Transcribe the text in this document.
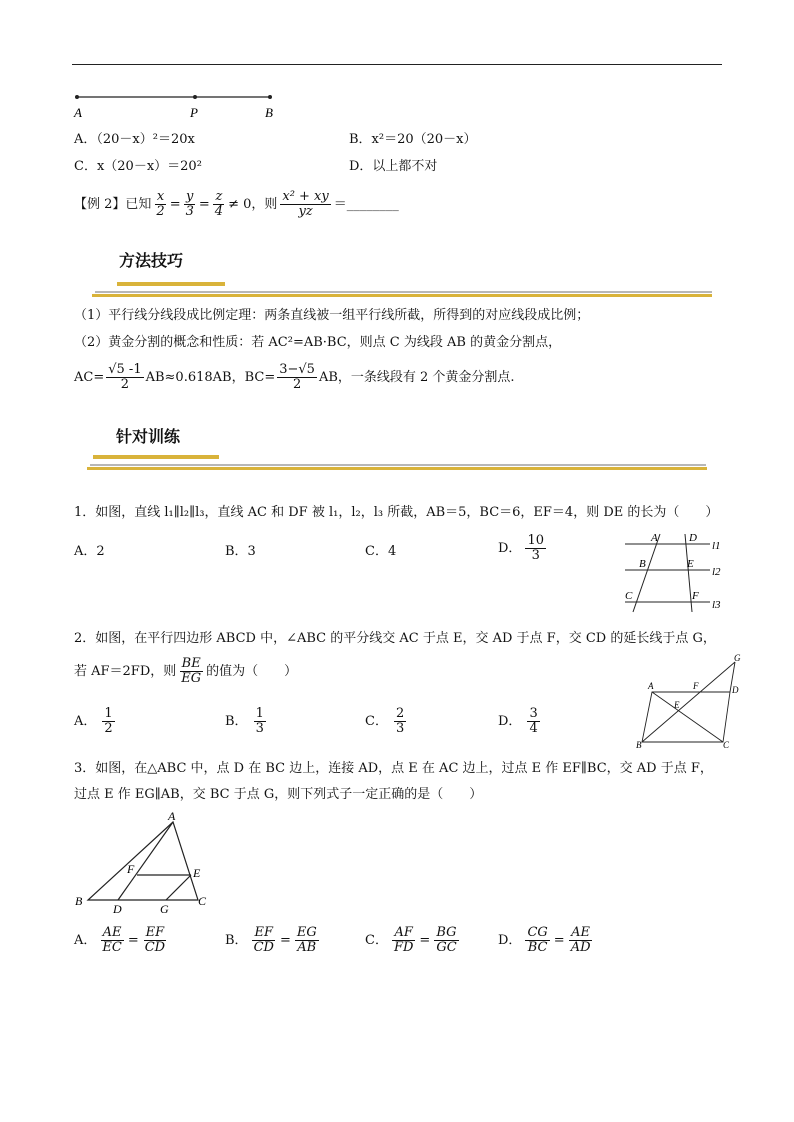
A	P	B
A．（20－x）²＝20x	B．x²＝20（20－x）
C．x（20－x）＝20²	D．以上都不对
【例 2】已知 $\frac{x}{2} = \frac{y}{3} = \frac{z}{4} \ne 0$，则 $\frac{\text{x² + xy}}{yz}$ ＝________
方法技巧
（1）平行线分线段成比例定理：两条直线被一组平行线所截，所得到的对应线段成比例；
（2）黄金分割的概念和性质：若 AC²=AB·BC，则点 C 为线段 AB 的黄金分割点，
$AC= \frac{√5 -1}{2} AB\approx 0.618AB$，$BC= \frac{3-√5}{2}$ AB，一条线段有 2 个黄金分割点.
针对训练
1．如图，直线 l₁∥l₂∥l₃，直线 AC 和 DF 被 l₁，l₂，l₃ 所截，AB＝5，BC＝6，EF＝4，则 DE 的长为（　　）
A．2	B．3	C．4	D． $\frac{10}{3}$	A	D
B	E
C	F
l1
l2
l3
2．如图，在平行四边形 ABCD 中，∠ABC 的平分线交 AC 于点 E，交 AD 于点 F，交 CD 的延长线于点 G，
若 AF＝2FD，则 $\frac{BE}{EG}$ 的值为（　　）
A． $\frac{1}{2}$	B． $\frac{1}{3}$	C． $\frac{2}{3}$	D． $\frac{3}{4}$
A	F	D
G
E
B	C
3．如图，在△ABC 中，点 D 在 BC 边上，连接 AD，点 E 在 AC 边上，过点 E 作 EF∥BC，交 AD 于点 F，
过点 E 作 EG∥AB，交 BC 于点 G，则下列式子一定正确的是（　　）
A
F	E
B
D	G
C
A． $\frac{AE}{EC} = \frac{EF}{CD}$	B． $\frac{EF}{CD} = \frac{EG}{AB}$	C． $\frac{AF}{FD} = \frac{BG}{GC}$	D． $\frac{CG}{BC} = \frac{AE}{AD}$
